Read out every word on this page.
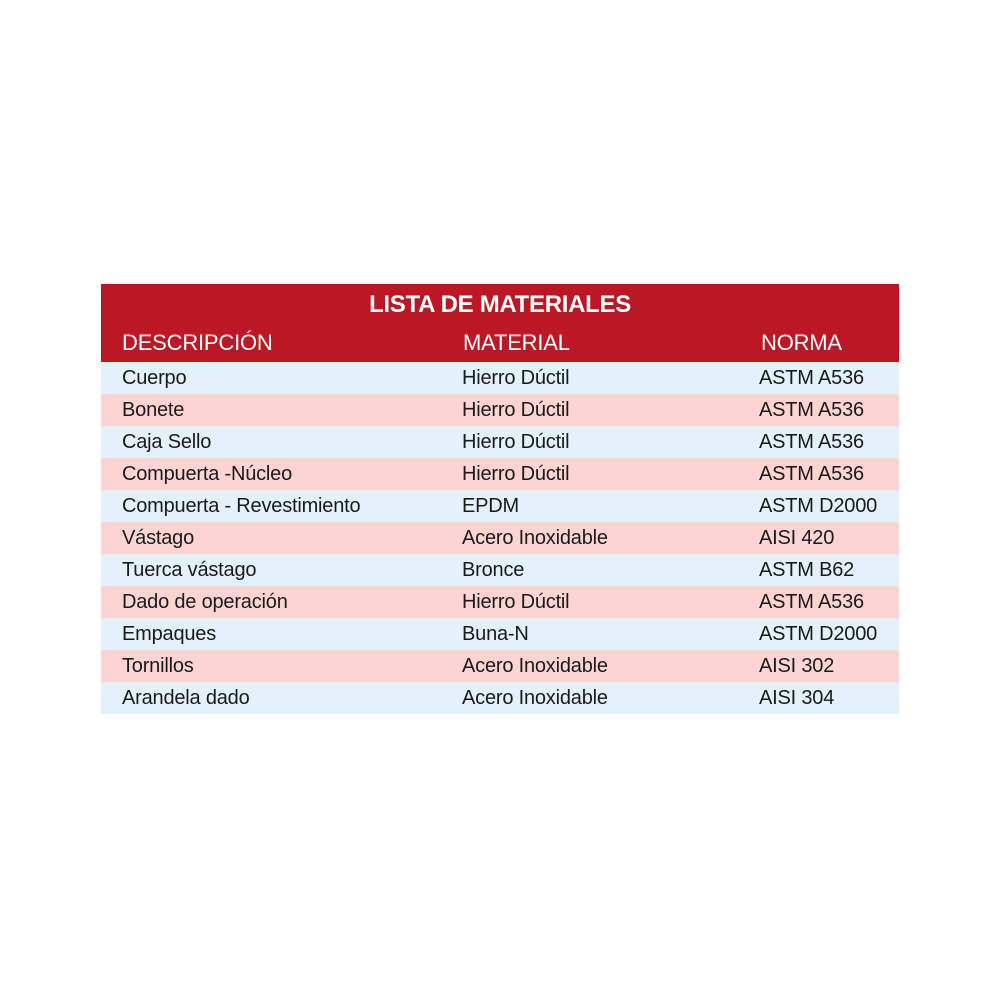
LISTA DE MATERIALES
DESCRIPCIÓN	MATERIAL	NORMA
Cuerpo	Hierro Dúctil	ASTM A536
Bonete	Hierro Dúctil	ASTM A536
Caja Sello	Hierro Dúctil	ASTM A536
Compuerta -Núcleo	Hierro Dúctil	ASTM A536
Compuerta - Revestimiento	EPDM	ASTM D2000
Vástago	Acero Inoxidable	AISI 420
Tuerca vástago	Bronce	ASTM B62
Dado de operación	Hierro Dúctil	ASTM A536
Empaques	Buna-N	ASTM D2000
Tornillos	Acero Inoxidable	AISI 302
Arandela dado	Acero Inoxidable	AISI 304
